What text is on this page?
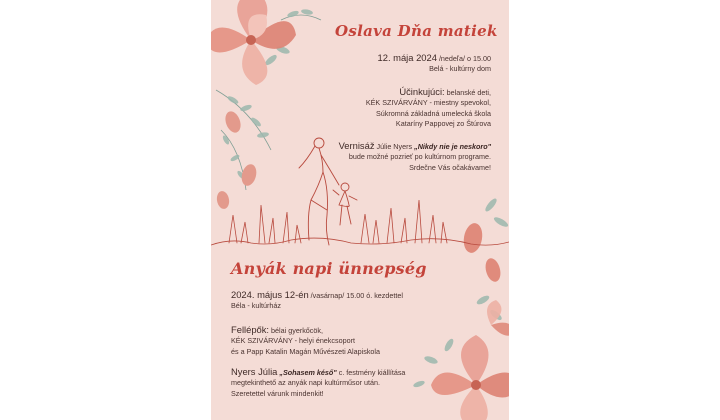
Oslava Dňa matiek
12. mája 2024 /nedeľa/ o 15.00
Belá - kultúrny dom
Účinkujúci: belanské deti,
KÉK SZIVÁRVÁNY - miestny spevokol,
Súkromná základná umelecká škola
Kataríny Pappovej zo Štúrova
Vernisáž Júlie Nyers „Nikdy nie je neskoro"
bude možné pozrieť po kultúrnom programe.
Srdečne Vás očakávame!
Anyák napi ünnepség
2024. május 12-én /vasárnap/ 15.00 ó. kezdettel
Béla - kultúrház
Fellépők: bélai gyerkőcök,
KÉK SZIVÁRVÁNY - helyi énekcsoport
és a Papp Katalin Magán Művészeti Alapiskola
Nyers Júlia „Sohasem késő" c. festmény kiállítása
megtekinthető az anyák napi kultúrműsor után.
Szeretettel várunk mindenkit!
